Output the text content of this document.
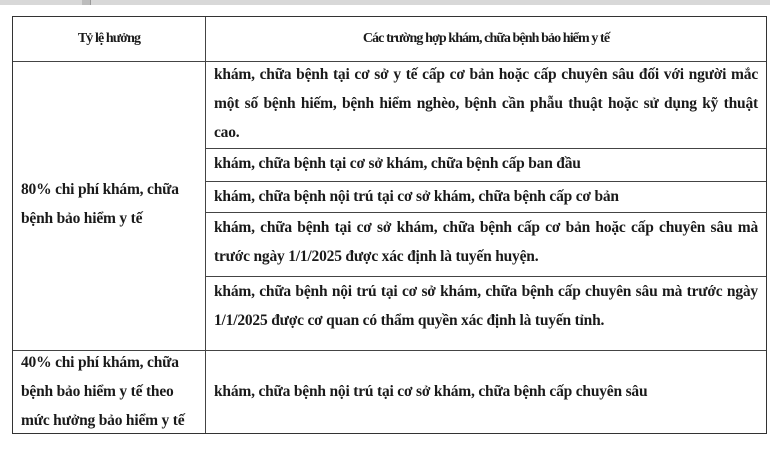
Tỷ lệ hưởng	Các trường hợp khám, chữa bệnh bảo hiểm y tế
80% chi phí khám, chữa bệnh bảo hiểm y tế
40% chi phí khám, chữa bệnh bảo hiểm y tế theo mức hưởng bảo hiểm y tế
khám, chữa bệnh tại cơ sở y tế cấp cơ bản hoặc cấp chuyên sâu đối với người mắc một số bệnh hiếm, bệnh hiểm nghèo, bệnh cần phẫu thuật hoặc sử dụng kỹ thuật cao.
khám, chữa bệnh tại cơ sở khám, chữa bệnh cấp ban đầu
khám, chữa bệnh nội trú tại cơ sở khám, chữa bệnh cấp cơ bản
khám, chữa bệnh tại cơ sở khám, chữa bệnh cấp cơ bản hoặc cấp chuyên sâu mà trước ngày 1/1/2025 được xác định là tuyến huyện.
khám, chữa bệnh nội trú tại cơ sở khám, chữa bệnh cấp chuyên sâu mà trước ngày 1/1/2025 được cơ quan có thẩm quyền xác định là tuyến tỉnh.
khám, chữa bệnh nội trú tại cơ sở khám, chữa bệnh cấp chuyên sâu
